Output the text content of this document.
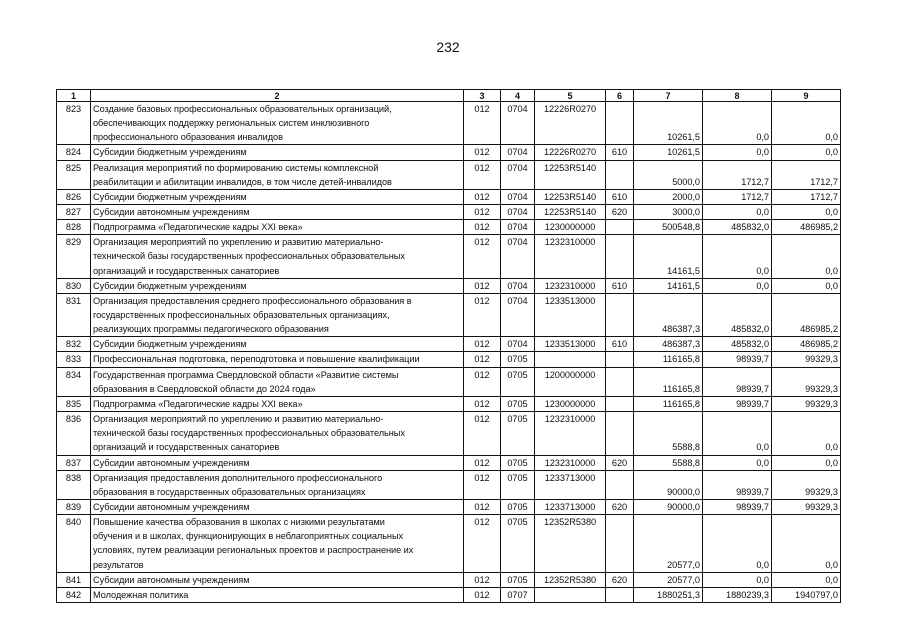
232
1	2	3	4	5	6	7	8	9

823	Создание базовых профессиональных образовательных организаций,
обеспечивающих поддержку региональных систем инклюзивного
профессионального образования инвалидов	012	0704	12226R0270		10261,5	0,0	0,0

824	Субсидии бюджетным учреждениям	012	0704	12226R0270	610	10261,5	0,0	0,0

825	Реализация мероприятий по формированию системы комплексной
реабилитации и абилитации инвалидов, в том числе детей-инвалидов	012	0704	12253R5140		5000,0	1712,7	1712,7

826	Субсидии бюджетным учреждениям	012	0704	12253R5140	610	2000,0	1712,7	1712,7

827	Субсидии автономным учреждениям	012	0704	12253R5140	620	3000,0	0,0	0,0

828	Подпрограмма «Педагогические кадры XXI века»	012	0704	1230000000		500548,8	485832,0	486985,2

829	Организация мероприятий по укреплению и развитию материально-
технической базы государственных профессиональных образовательных
организаций и государственных санаториев	012	0704	1232310000		14161,5	0,0	0,0

830	Субсидии бюджетным учреждениям	012	0704	1232310000	610	14161,5	0,0	0,0

831	Организация предоставления среднего профессионального образования в
государственных профессиональных образовательных организациях,
реализующих программы педагогического образования	012	0704	1233513000		486387,3	485832,0	486985,2

832	Субсидии бюджетным учреждениям	012	0704	1233513000	610	486387,3	485832,0	486985,2

833	Профессиональная подготовка, переподготовка и повышение квалификации	012	0705			116165,8	98939,7	99329,3

834	Государственная программа Свердловской области «Развитие системы
образования в Свердловской области до 2024 года»	012	0705	1200000000		116165,8	98939,7	99329,3

835	Подпрограмма «Педагогические кадры XXI века»	012	0705	1230000000		116165,8	98939,7	99329,3

836	Организация мероприятий по укреплению и развитию материально-
технической базы государственных профессиональных образовательных
организаций и государственных санаториев	012	0705	1232310000		5588,8	0,0	0,0

837	Субсидии автономным учреждениям	012	0705	1232310000	620	5588,8	0,0	0,0

838	Организация предоставления дополнительного профессионального
образования в государственных образовательных организациях	012	0705	1233713000		90000,0	98939,7	99329,3

839	Субсидии автономным учреждениям	012	0705	1233713000	620	90000,0	98939,7	99329,3

840	Повышение качества образования в школах с низкими результатами
обучения и в школах, функционирующих в неблагоприятных социальных
условиях, путем реализации региональных проектов и распространение их
результатов	012	0705	12352R5380		20577,0	0,0	0,0

841	Субсидии автономным учреждениям	012	0705	12352R5380	620	20577,0	0,0	0,0

842	Молодежная политика	012	0707			1880251,3	1880239,3	1940797,0
